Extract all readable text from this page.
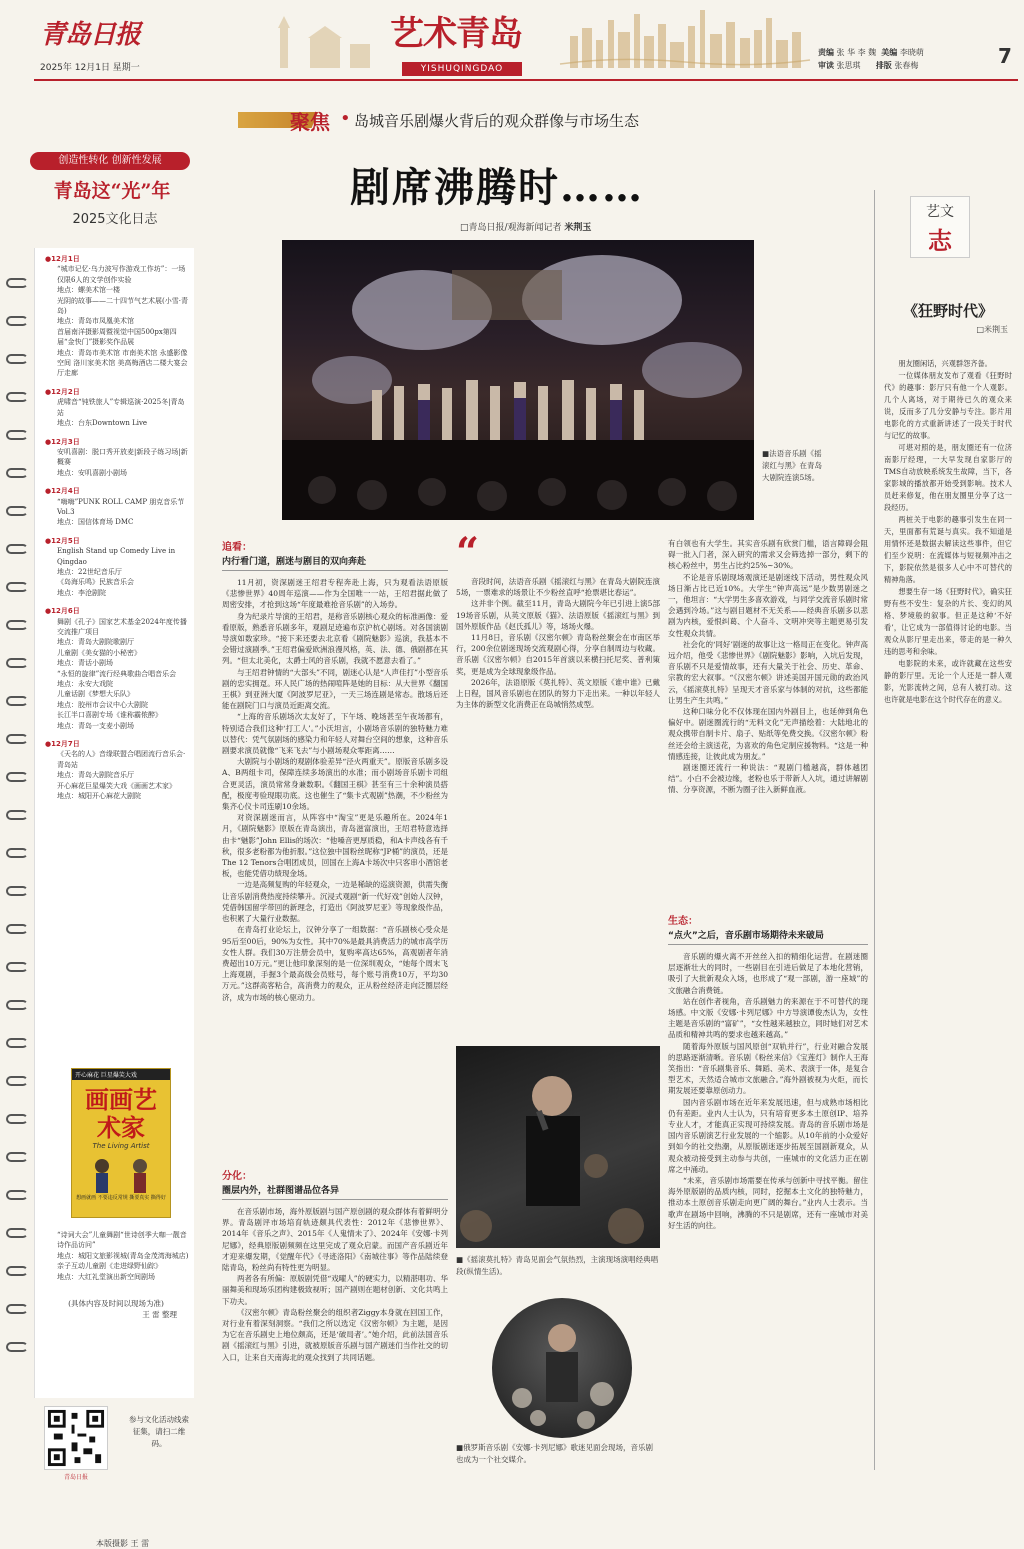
青岛日报
2025年 12月1日 星期一
艺术青岛
YISHUQINGDAO
责编 张 华 李 魏 美编 李晓萌
审读 张思琪 排版 张春梅	7
创造性转化 创新性发展
青岛这“光”年
2025文化日志
●12月1日
“城市记忆·乌力波写作游戏工作坊”：一场仅限6人的文学创作实验
地点：螺美术馆一楼
光阴的故事——二十四节气艺术展(小雪·青岛)
地点：青岛市凤凰美术馆
首届南洋摄影周暨视觉中国500px第四届“金快门”摄影奖作品展
地点：青岛市美术馆 市南美术馆 永盛影像空间 洛川家美术馆 美高梅酒店二楼大宴会厅走廊
●12月2日
虎啸音“钝铁旅人”专辑巡演·2025冬|青岛站
地点：台东Downtown Live
●12月3日
安叽喜剧：脱口秀开放麦|新段子练习场|新概赛
地点：安叽喜剧小剧场
●12月4日
“嗨嗨”PUNK ROLL CAMP 朋克音乐节 Vol.3
地点：国信体育场 DMC
●12月5日
English Stand up Comedy Live in Qingdao
地点：22世纪音乐厅
《岛海乐鸣》民族音乐会
地点：李沧剧院
●12月6日
舞剧《孔子》国家艺术基金2024年度传播交流推广项目
地点：青岛大剧院歌剧厅
儿童剧《美女猫的小秘密》
地点：青话小剧场
“永恒的旋律”流行经典歌曲合唱音乐会
地点：永安大戏院
儿童话剧《梦想大乐队》
地点：胶州市会议中心大剧院
长江半口喜剧专场《谁称霸侬醉》
地点：青岛一支麦小剧场
●12月7日
《天名的人》音缘联盟合唱团流行音乐会·青岛站
地点：青岛大剧院音乐厅
开心麻花巨星爆笑大戏《画画艺术家》
地点：城阳开心麻花大剧院
开心麻花 巨星爆笑大戏
画画艺术家
The Living Artist
想画就画 不要违反常规 撕要真实 撕得好
“诗词大会”儿童舞剧“世诗创季大咖一靓音诗作品访问”
地点：城阳文旅影视城(青岛金茂湾海城店)
亲子互动儿童剧《走进绿野仙踪》
地点：大红礼堂演出新空间剧场
(具体内容及时间以现场为准)
王 雷 整理
青岛日报
参与文化活动线索征集，请扫二维码。
本版摄影 王 雷
聚焦 • 岛城音乐剧爆火背后的观众群像与市场生态
剧席沸腾时……
□青岛日报/观海新闻记者 米荆玉
■法语音乐剧《摇滚红与黑》在青岛大剧院连演5场。
追看：
内行看门道，剧迷与剧目的双向奔赴

11月初，资深剧迷王绍君专程奔赴上海，只为观看法语原版《悲惨世界》40周年巡演——作为全国唯一一站，王绍君据此做了周密安排，才抢到这场“年度最难抢音乐剧”的入场券。

身为纪录片导演的王绍君，是称音乐剧核心观众的标准画像：爱看原版，熟悉音乐剧多年，观剧足迹遍布京沪杭心剧场。对各国演剧导演如数家珍。“接下来还要去北京看《剧院魅影》巡演，我基本不会错过演剧季。”王绍君偏爱欧洲浪漫风格，英、法、德、俄剧都在其列。“但太北美化，太爵士风的音乐剧，我就不愿意去看了。”

与王绍君钟情的“大部头”不同，剧迷心认是“人声佳打”小型音乐剧的忠实拥趸。环人民广场的热闹喧阵是她的目标：从大世界《翻国王棋》到亚洲大厦《阿波罗尼亚》，一天三场连剧是常态。散场后还能在剧院门口与演员近距离交流。

“上海的音乐剧场次太友好了，下午场、晚场甚至午夜场都有，特别适合我们这种‘打工人’。”小沃坦言，小剧场音乐剧的独特魅力难以替代：凭气氛剧场的感染力和年轻人对舞台空间的想象，这种音乐剧要求演员就像“飞来飞去”与小剧场观众零距离……

大剧院与小剧场的观剧体验差异“泾火两重天”。原版音乐剧多设A、B两组卡司，保障连续多场演出的水准；而小剧场音乐剧卡司组合更灵活，演员常常身兼数职。《翻国王棋》甚至有三十余种演员搭配，极度考验现眼功底。这也催生了“集卡式观剧”热潮，不少粉丝为集齐心仪卡司连刷10余场。

对资深剧迷而言，从阵容中“淘宝”更是乐趣所在。2024年1月，《剧院魅影》原版在青岛演出，青岛滋富演出，王绍君特意选择由卡“魅影”John Ellis的场次：“他嗓音更厚质稳，和A卡声线各有千秋，很多老粉都为他折服。”这位独中国粉丝昵称“JP桶”的演员，还是The 12 Tenors合唱团成员，回国在上海A卡场次中只客串小酒馆老板，也能凭借功绩现金场。

一边是高频复购的年轻观众，一边是稀缺的巡演资源，供需失衡让音乐剧消费热度持续攀升。沉浸式观剧“新一代好戏”创始人汉钟，凭借韩国留学带回的新理念，打造出《阿波罗尼亚》等现象级作品，也积累了大量行业数据。

在青岛打业论坛上，汉钟分享了一组数据：“音乐剧核心受众是95后至00后，90%为女性。其中70%是最具消费活力的城市高学历女性人群。我们30万注册会员中，复购率高达65%，高观剧者年消费超出10万元。”更让他印象深刻的是一位深圳观众，“她每个周末飞上海观剧，手握3个最高级会员账号，每个账号消费10万，平均30万元。”这群高客粘合，高消费力的观众，正从粉丝经济走向泛圈层经济，成为市场的核心驱动力。

分化：
圈层内外，社群图谱品位各异

在音乐剧市场，海外原版剧与国产原创剧的观众群体有着鲜明分界。青岛剧评市场培育轨迹颇具代表性：2012年《悲惨世界》、2014年《音乐之声》、2015年《人鬼情未了》、2024年《安娜·卡列尼娜》，经典原版剧频频在这里完成了观众启蒙。而国产音乐剧近年才迎来爆发期，《觉醒年代》《寻迹洛阳》《南城往事》等作品陆续登陆青岛，粉丝尚有特性更为明显。

两者各有所偏：原版剧凭借“戏曜人”的硬实力，以精湛唱功、华丽舞美和现场乐团构建极致视听；国产剧则在题材创新、文化共鸣上下功夫。

《汉密尔顿》青岛粉丝聚会的组织者Ziggy本身就在回国工作，对行业有着深刻洞察。“我们之所以选定《汉密尔顿》为主题，是因为它在音乐剧史上地位颇高，还是‘破局者’。”她介绍，此前法国音乐剧《摇滚红与黑》引进，就被原版音乐剧与国产剧迷们当作社交的切入口，让来自天南海北的观众找到了共同话题。

“

音段时间，法语音乐剧《摇滚红与黑》在青岛大剧院连演5场，一票难求的场景让不少粉丝直呼“抢票堪比春运”。

这并非个例。截至11月，青岛大剧院今年已引进上演5部19场音乐剧，从英文原版《猫》、法语原版《摇滚红与黑》到国外原版作品《赵氏孤儿》等，场场火爆。

11月8日，音乐剧《汉密尔顿》青岛粉丝聚会在市南区举行，200余位剧迷现场交流观剧心得，分享自制周边与收藏。音乐剧《汉密尔顿》自2015年首演以来横扫托尼奖、普利策奖，更是成为全球现象级作品。

2026年，法语原版《莫扎特》、英文原版《谁中谁》已戴上日程，国风音乐剧也在团队的努力下走出来。一种以年轻人为主体的新型文化消费正在岛城悄然成型。

■《摇滚莫扎特》青岛见面会气氛热烈，主演现场演唱经典唱段(纵情生活)。
■俄罗斯音乐剧《安娜·卡列尼娜》歌迷见面会现场，音乐剧也成为一个社交媒介。

有白领也有大学生。其实音乐剧有欣赏门槛，语言障碍会阻碍一批入门者，深入研究的需求又会筛选掉一部分，剩下的核心粉丝中，男生占比约25%~30%。

不论是音乐剧现场观演还是剧迷线下活动，男性观众风场日渐占比已近10%。大学生“钟声高远”是少数男剧迷之一，他坦言：“大学男生多喜欢游戏，与同学交流音乐剧时常会遇到冷场。”这与剧目题材不无关系——经典音乐剧多以悲剧为内核，爱恨纠葛、个人奋斗、文明冲突等主题更易引发女性观众共情。

社会化的‘同好’剧迷的故事让这一格局正在变化。钟声高远介绍，他受《悲惨世界》《剧院魅影》影响，入坑后发现，音乐剧不只是爱情故事，还有大量关于社会、历史、革命、宗教的宏大叙事。“《汉密尔顿》讲述美国开国元勋的政治风云，《摇滚莫扎特》呈现天才音乐家与体制的对抗，这些都能让男生产生共鸣。”

这种口味分化不仅体现在国内外剧目上，也延伸到角色偏好中。剧迷圈流行的“无料文化”无声描绘着：大陆地北的观众携带自制卡片、扇子、贴纸等免费交换。《汉密尔顿》粉丝还会给主演送花，为喜欢的角色定制应援物料。“这是一种情感连接，让彼此成为朋友。”

剧迷圈还流行一种说法：“观剧门槛越高，群体越团结”。小白不会被边缘，老粉也乐于带新人入坑，通过讲解剧情、分享资源，不断为圈子注入新鲜血液。

生态：
“点火”之后，音乐剧市场期待未来破局

音乐剧的爆火离不开丝丝入扣的精细化运营。在剧迷圈层逐渐壮大的同时，一些剧目在引进后做足了本地化营销，吸引了大批新观众入场，也形成了“观一部剧，游一座城”的文旅融合消费链。

站在创作者视角，音乐剧魅力的来源在于不可替代的现场感。中文版《安娜·卡列尼娜》中方导演谭俊杰认为，女性主题是音乐剧的“富矿”，“女性越来越独立，同时她们对艺术品质和精神共鸣的要求也越来越高。”

随着海外原版与国风原创“双轨并行”，行业对融合发展的思路逐渐清晰。音乐剧《粉丝来信》《宝莲灯》制作人王海笑指出：“音乐剧集音乐、舞蹈、美术、表演于一体，是复合型艺术，天然适合城市文旅融合。”海外剧被视为火炬，而长期发展还要靠原创动力。

国内音乐剧市场在近年来发展迅速，但与成熟市场相比仍有差距。业内人士认为，只有培育更多本土原创IP、培养专业人才，才能真正实现可持续发展。青岛的音乐剧市场是国内音乐剧演艺行业发展的一个缩影。从10年前的小众爱好到如今的社交热潮，从原版剧迷逐步拓展至国剧新观众，从观众被动接受到主动参与共创，一座城市的文化活力正在剧席之中涌动。

“未来，音乐剧市场需要在传承与创新中寻找平衡。留住海外原版剧的品质内核，同时，挖掘本土文化的独特魅力，推动本土原创音乐剧走向更广阔的舞台。”业内人士表示。当歌声在剧场中回响，沸腾的不只是剧席，还有一座城市对美好生活的向往。

艺文
志
《狂野时代》
□米荆玉

朋友圈闲话，兴观群怨齐备。

一位媒体朋友发布了观看《狂野时代》的趣事：影厅只有他一个人观影。几个人离场，对于期待已久的观众来说，反而多了几分安静与专注。影片用电影化的方式重新讲述了一段关于时代与记忆的故事。

可堪对照的是，朋友圈还有一位济南影厅经理，一大早发现自家影厅的TMS自动放映系统发生故障，当下，各家影城的播放都开始受到影响。技术人员赶来修复，他在朋友圈里分享了这一段经历。

两桩关于电影的趣事引发生在同一天，里面都有荒诞与真实。我不知道是用情怀还是数据去解读这些事件，但它们至少说明：在流媒体与短视频冲击之下，影院依然是很多人心中不可替代的精神角落。

想要生存一场《狂野时代》，确实狂野有些不安生：复杂的片长、变幻的风格、梦境般的叙事。但正是这种‘不好看’，让它成为一部值得讨论的电影。当观众从影厅里走出来，带走的是一种久违的思考和余味。

电影院的未来，或许就藏在这些安静的影厅里。无论一个人还是一群人观影，光影流转之间，总有人被打动。这也许就是电影在这个时代存在的意义。
